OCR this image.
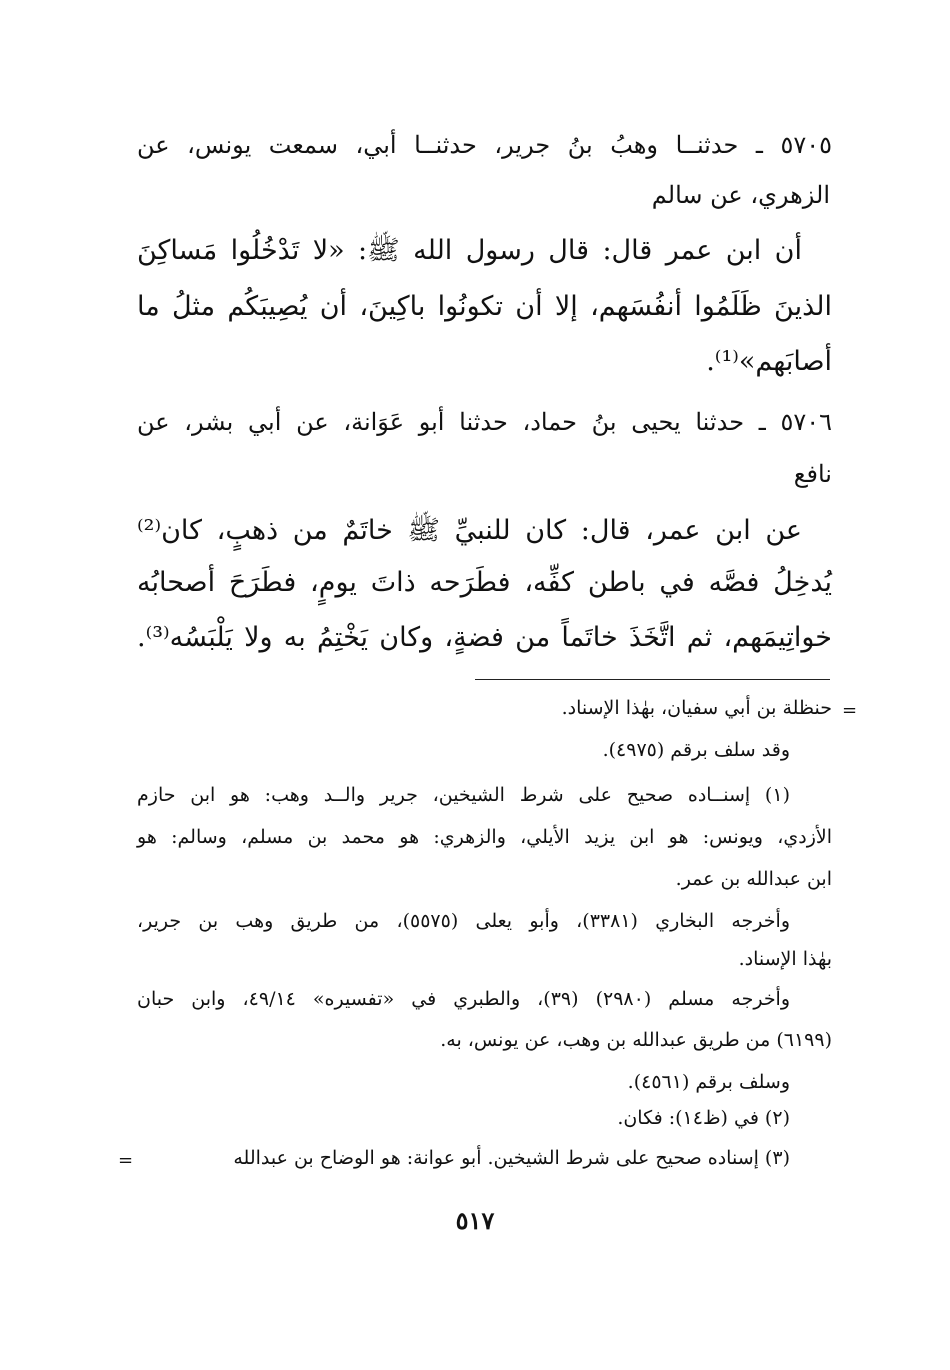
٥٧٠٥ ـ حدثنــا وهبُ بنُ جرير، حدثنــا أبي، سمعت يونس، عن
الزهري، عن سالم
أن ابن عمر قال: قال رسول الله ﷺ: «لا تَدْخُلُوا مَساكِنَ
الذينَ ظَلَمُوا أنفُسَهم، إلا أن تكونُوا باكِينَ، أن يُصِيبَكُم مثلُ ما
أصابَهم»⁽¹⁾.
٥٧٠٦ ـ حدثنا يحيى بنُ حماد، حدثنا أبو عَوَانة، عن أبي بشر، عن
نافع
عن ابن عمر، قال: كان للنبيِّ ﷺ خاتَمٌ من ذهبٍ، كان⁽²⁾
يُدخِلُ فصَّه في باطن كفِّه، فطَرَحه ذاتَ يومٍ، فطَرَحَ أصحابُه
خواتِيمَهم، ثم اتَّخَذَ خاتَماً من فضةٍ، وكان يَخْتِمُ به ولا يَلْبَسُه⁽³⁾.
=
حنظلة بن أبي سفيان، بهٰذا الإسناد.
وقد سلف برقم (٤٩٧٥).
(١) إسنــاده صحيح على شرط الشيخين، جرير والــد وهب: هو ابن حازم
الأزدي، ويونس: هو ابن يزيد الأيلي، والزهري: هو محمد بن مسلم، وسالم: هو
ابن عبدالله بن عمر.
وأخرجه البخاري (٣٣٨١)، وأبو يعلى (٥٥٧٥)، من طريق وهب بن جرير،
بهٰذا الإسناد.
وأخرجه مسلم (٢٩٨٠) (٣٩)، والطبري في «تفسيره» ٤٩/١٤، وابن حبان
(٦١٩٩) من طريق عبدالله بن وهب، عن يونس، به.
وسلف برقم (٤٥٦١).
(٢) في (ظ١٤): فكان.
(٣) إسناده صحيح على شرط الشيخين. أبو عوانة: هو الوضاح بن عبدالله
=
٥١٧
